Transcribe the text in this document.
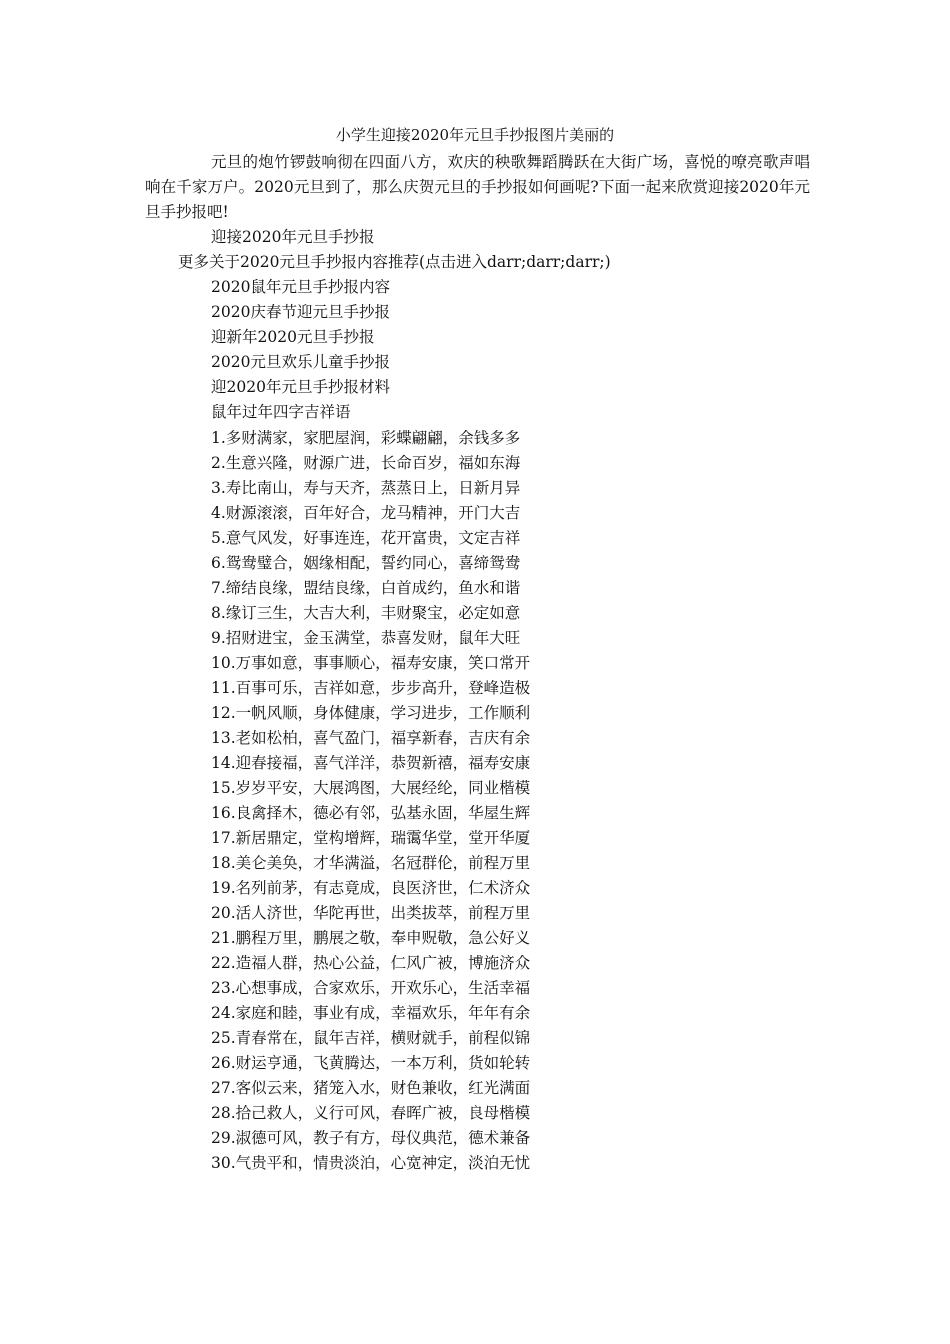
小学生迎接2020年元旦手抄报图片美丽的
元旦的炮竹锣鼓响彻在四面八方，欢庆的秧歌舞蹈腾跃在大街广场，喜悦的嘹亮歌声唱响在千家万户。2020元旦到了，那么庆贺元旦的手抄报如何画呢?下面一起来欣赏迎接2020年元旦手抄报吧!
迎接2020年元旦手抄报
更多关于2020元旦手抄报内容推荐(点击进入darr;darr;darr;)
2020鼠年元旦手抄报内容
2020庆春节迎元旦手抄报
迎新年2020元旦手抄报
2020元旦欢乐儿童手抄报
迎2020年元旦手抄报材料
鼠年过年四字吉祥语
1.多财满家，家肥屋润，彩蝶翩翩，余钱多多
2.生意兴隆，财源广进，长命百岁，福如东海
3.寿比南山，寿与天齐，蒸蒸日上，日新月异
4.财源滚滚，百年好合，龙马精神，开门大吉
5.意气风发，好事连连，花开富贵，文定吉祥
6.鸳鸯璧合，姻缘相配，誓约同心，喜缔鸳鸯
7.缔结良缘，盟结良缘，白首成约，鱼水和谐
8.缘订三生，大吉大利，丰财聚宝，必定如意
9.招财进宝，金玉满堂，恭喜发财，鼠年大旺
10.万事如意，事事顺心，福寿安康，笑口常开
11.百事可乐，吉祥如意，步步高升，登峰造极
12.一帆风顺，身体健康，学习进步，工作顺利
13.老如松柏，喜气盈门，福享新春，吉庆有余
14.迎春接福，喜气洋洋，恭贺新禧，福寿安康
15.岁岁平安，大展鸿图，大展经纶，同业楷模
16.良禽择木，德必有邻，弘基永固，华屋生辉
17.新居鼎定，堂构增辉，瑞霭华堂，堂开华厦
18.美仑美奂，才华满溢，名冠群伦，前程万里
19.名列前茅，有志竟成，良医济世，仁术济众
20.活人济世，华陀再世，出类拔萃，前程万里
21.鹏程万里，鹏展之敬，奉申贶敬，急公好义
22.造福人群，热心公益，仁风广被，博施济众
23.心想事成，合家欢乐，开欢乐心，生活幸福
24.家庭和睦，事业有成，幸福欢乐，年年有余
25.青春常在，鼠年吉祥，横财就手，前程似锦
26.财运亨通，飞黄腾达，一本万利，货如轮转
27.客似云来，猪笼入水，财色兼收，红光满面
28.拾己救人，义行可风，春晖广被，良母楷模
29.淑德可风，教子有方，母仪典范，德术兼备
30.气贵平和，情贵淡泊，心宽神定，淡泊无忧
